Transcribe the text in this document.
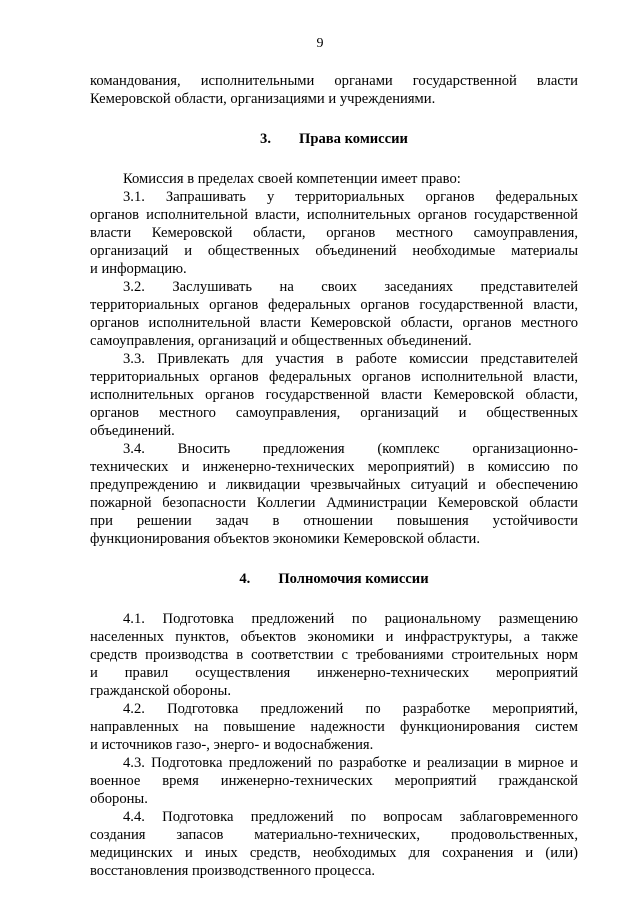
9
командования, исполнительными органами государственной власти
Кемеровской области, организациями и учреждениями.
3. Права комиссии
Комиссия в пределах своей компетенции имеет право:
3.1. Запрашивать у территориальных органов федеральных
органов исполнительной власти, исполнительных органов государственной
власти Кемеровской области, органов местного самоуправления,
организаций и общественных объединений необходимые материалы
и информацию.
3.2. Заслушивать на своих заседаниях представителей
территориальных органов федеральных органов государственной власти,
органов исполнительной власти Кемеровской области, органов местного
самоуправления, организаций и общественных объединений.
3.3. Привлекать для участия в работе комиссии представителей
территориальных органов федеральных органов исполнительной власти,
исполнительных органов государственной власти Кемеровской области,
органов местного самоуправления, организаций и общественных
объединений.
3.4. Вносить предложения (комплекс организационно-
технических и инженерно-технических мероприятий) в комиссию по
предупреждению и ликвидации чрезвычайных ситуаций и обеспечению
пожарной безопасности Коллегии Администрации Кемеровской области
при решении задач в отношении повышения устойчивости
функционирования объектов экономики Кемеровской области.
4. Полномочия комиссии
4.1. Подготовка предложений по рациональному размещению
населенных пунктов, объектов экономики и инфраструктуры, а также
средств производства в соответствии с требованиями строительных норм
и правил осуществления инженерно-технических мероприятий
гражданской обороны.
4.2. Подготовка предложений по разработке мероприятий,
направленных на повышение надежности функционирования систем
и источников газо-, энерго- и водоснабжения.
4.3. Подготовка предложений по разработке и реализации в мирное и
военное время инженерно-технических мероприятий гражданской
обороны.
4.4. Подготовка предложений по вопросам заблаговременного
создания запасов материально-технических, продовольственных,
медицинских и иных средств, необходимых для сохранения и (или)
восстановления производственного процесса.
